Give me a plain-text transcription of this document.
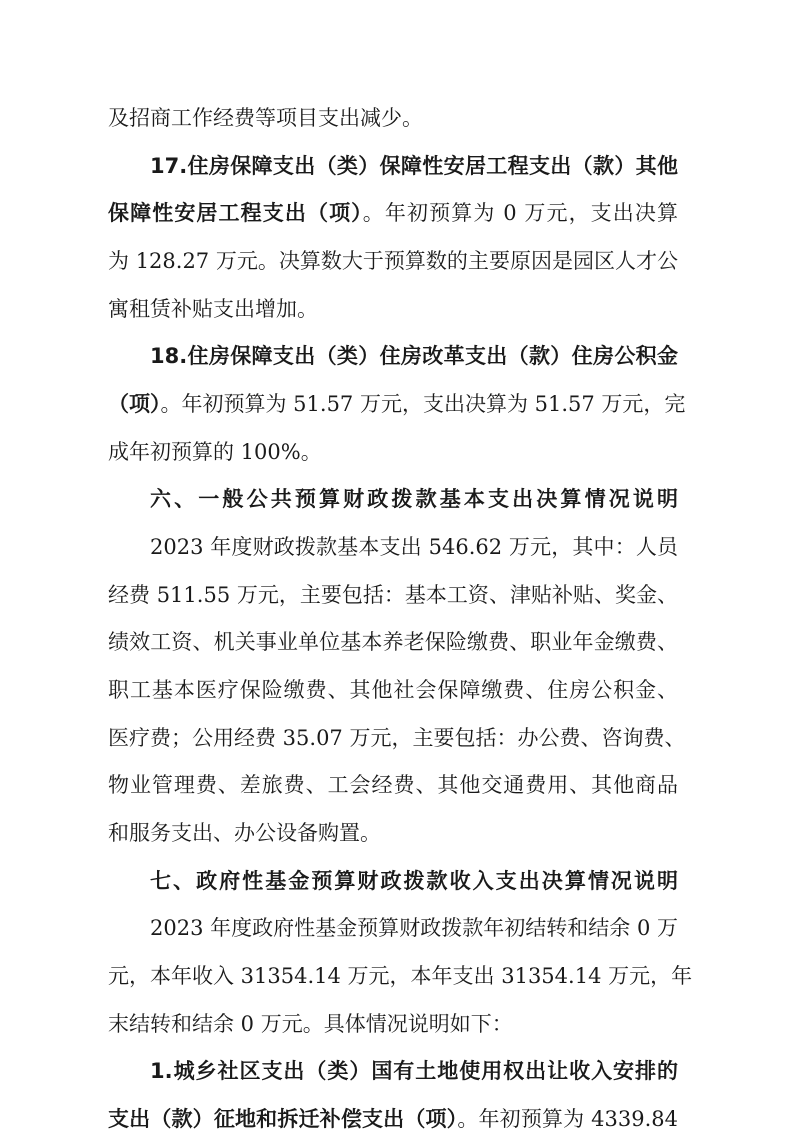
及招商工作经费等项目支出减少。
17.住房保障支出（类）保障性安居工程支出（款）其他
保障性安居工程支出（项）。年初预算为 0 万元，支出决算
为 128.27 万元。决算数大于预算数的主要原因是园区人才公
寓租赁补贴支出增加。
18.住房保障支出（类）住房改革支出（款）住房公积金
（项）。年初预算为 51.57 万元，支出决算为 51.57 万元，完
成年初预算的 100%。
六、一般公共预算财政拨款基本支出决算情况说明
2023 年度财政拨款基本支出 546.62 万元，其中：人员
经费 511.55 万元，主要包括：基本工资、津贴补贴、奖金、
绩效工资、机关事业单位基本养老保险缴费、职业年金缴费、
职工基本医疗保险缴费、其他社会保障缴费、住房公积金、
医疗费；公用经费 35.07 万元，主要包括：办公费、咨询费、
物业管理费、差旅费、工会经费、其他交通费用、其他商品
和服务支出、办公设备购置。
七、政府性基金预算财政拨款收入支出决算情况说明
2023 年度政府性基金预算财政拨款年初结转和结余 0 万
元，本年收入 31354.14 万元，本年支出 31354.14 万元，年
末结转和结余 0 万元。具体情况说明如下：
1.城乡社区支出（类）国有土地使用权出让收入安排的
支出（款）征地和拆迁补偿支出（项）。年初预算为 4339.84
